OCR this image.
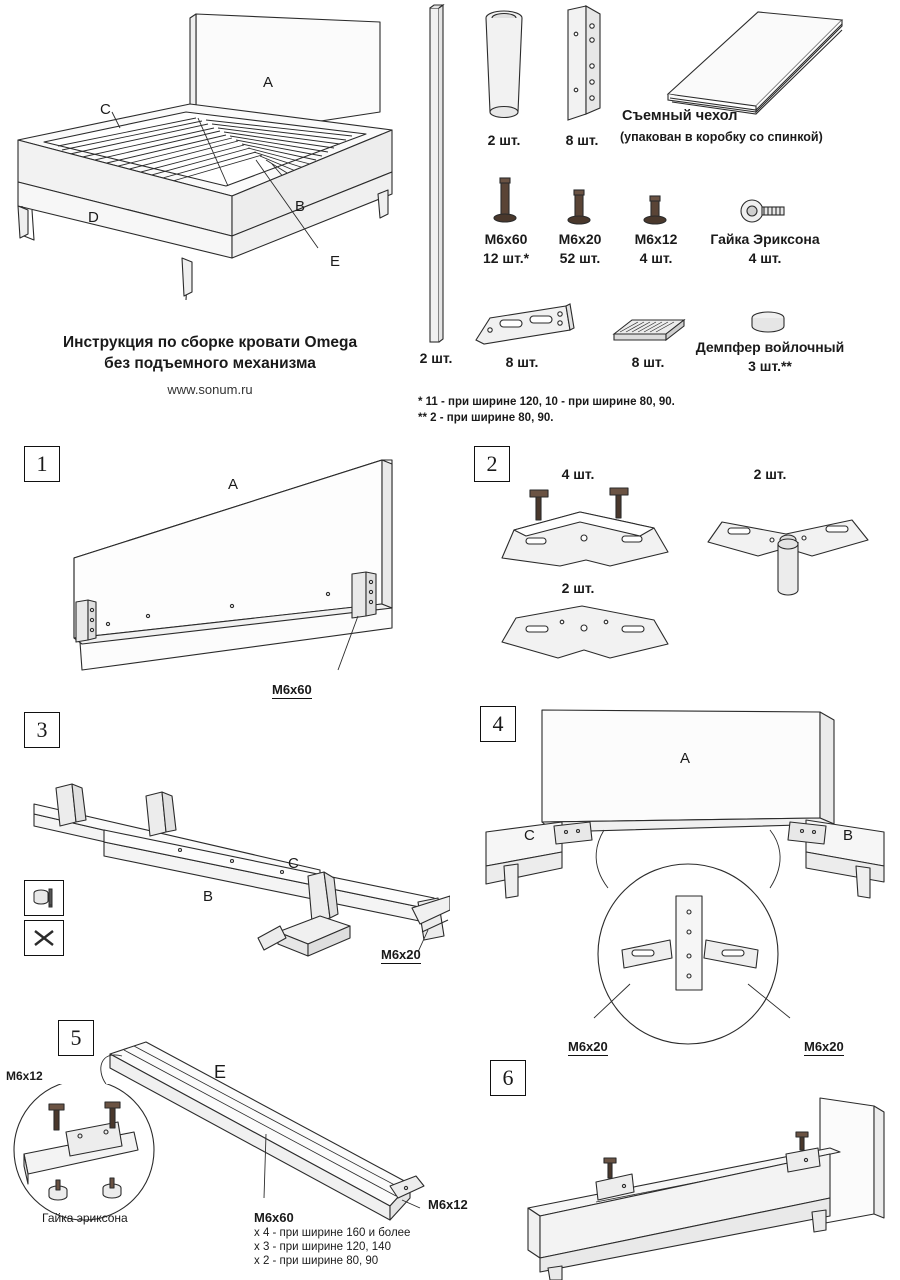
A
B
C
D
E
Инструкция по сборке кровати Omega
без подъемного механизма
www.sonum.ru
2 шт.
2 шт.	8 шт.
Съемный чехол
(упакован в коробку со спинкой)
М6х60
12 шт.*
М6х20
52 шт.
М6х12
4 шт.
Гайка Эриксона
4 шт.
8 шт.	8 шт.
Демпфер войлочный
3 шт.**
* 11 - при ширине 120, 10 - при ширине 80, 90.
** 2 - при ширине 80, 90.
1
A
М6х60
2	4 шт.	2 шт.
2 шт.
3
B
C
М6х20
4
A
B
C
М6х20	М6х20
5
E
М6х12
Гайка эриксона
М6х12
М6х60
x 4 - при ширине 160 и более
x 3 - при ширине 120, 140
x 2 - при ширине 80, 90
6
